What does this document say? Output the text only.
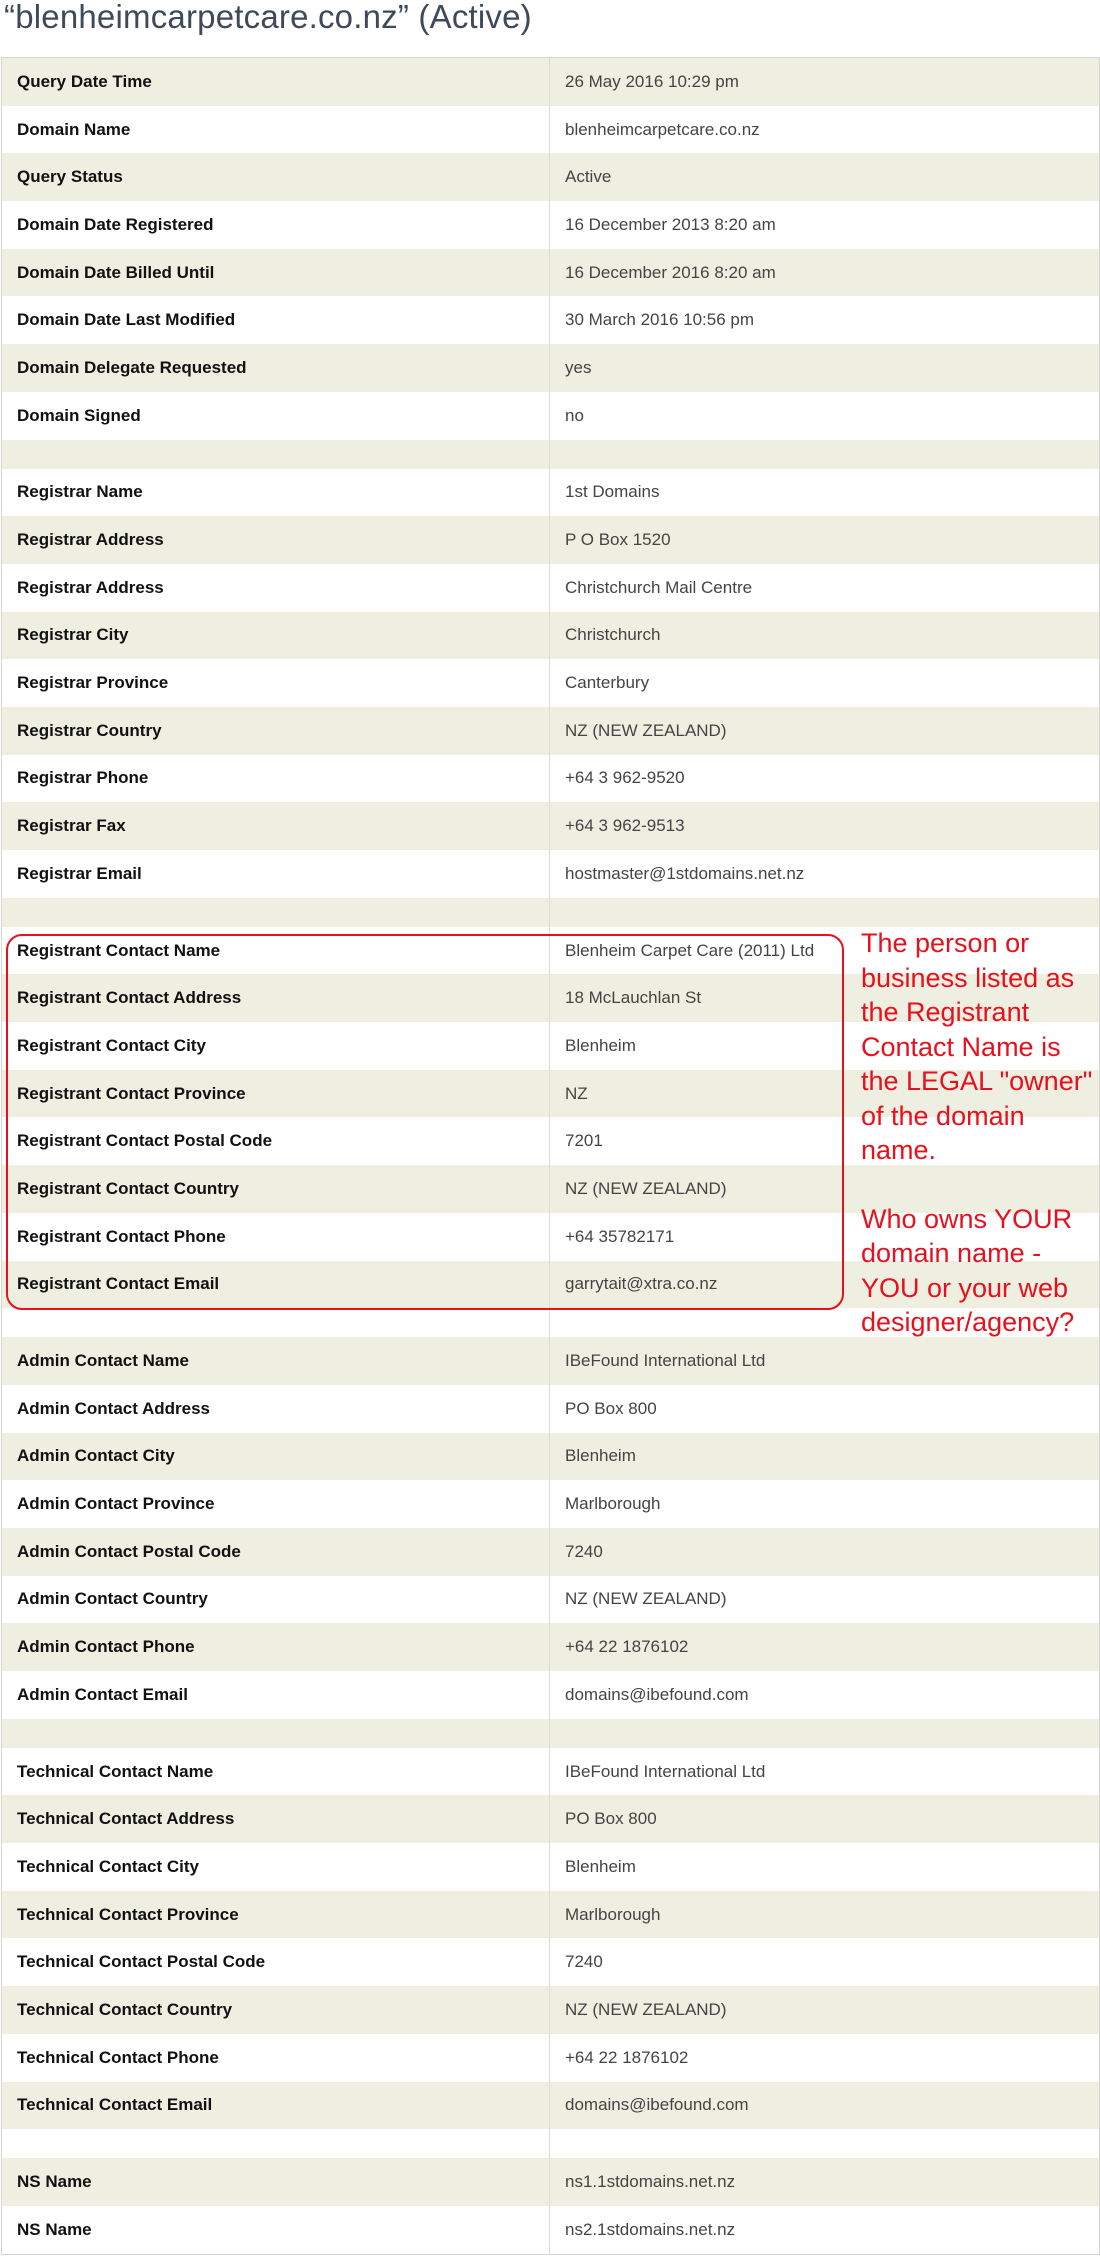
“blenheimcarpetcare.co.nz” (Active)
Query Date Time	26 May 2016 10:29 pm
Domain Name	blenheimcarpetcare.co.nz
Query Status	Active
Domain Date Registered	16 December 2013 8:20 am
Domain Date Billed Until	16 December 2016 8:20 am
Domain Date Last Modified	30 March 2016 10:56 pm
Domain Delegate Requested	yes
Domain Signed	no
Registrar Name	1st Domains
Registrar Address	P O Box 1520
Registrar Address	Christchurch Mail Centre
Registrar City	Christchurch
Registrar Province	Canterbury
Registrar Country	NZ (NEW ZEALAND)
Registrar Phone	+64 3 962-9520
Registrar Fax	+64 3 962-9513
Registrar Email	hostmaster@1stdomains.net.nz
Registrant Contact Name	Blenheim Carpet Care (2011) Ltd
Registrant Contact Address	18 McLauchlan St
Registrant Contact City	Blenheim
Registrant Contact Province	NZ
Registrant Contact Postal Code	7201
Registrant Contact Country	NZ (NEW ZEALAND)
Registrant Contact Phone	+64 35782171
Registrant Contact Email	garrytait@xtra.co.nz
Admin Contact Name	IBeFound International Ltd
Admin Contact Address	PO Box 800
Admin Contact City	Blenheim
Admin Contact Province	Marlborough
Admin Contact Postal Code	7240
Admin Contact Country	NZ (NEW ZEALAND)
Admin Contact Phone	+64 22 1876102
Admin Contact Email	domains@ibefound.com
Technical Contact Name	IBeFound International Ltd
Technical Contact Address	PO Box 800
Technical Contact City	Blenheim
Technical Contact Province	Marlborough
Technical Contact Postal Code	7240
Technical Contact Country	NZ (NEW ZEALAND)
Technical Contact Phone	+64 22 1876102
Technical Contact Email	domains@ibefound.com
NS Name	ns1.1stdomains.net.nz
NS Name	ns2.1stdomains.net.nz

The person or business listed as the Registrant Contact Name is the LEGAL "owner" of the domain name.

Who owns YOUR domain name - YOU or your web designer/agency?
